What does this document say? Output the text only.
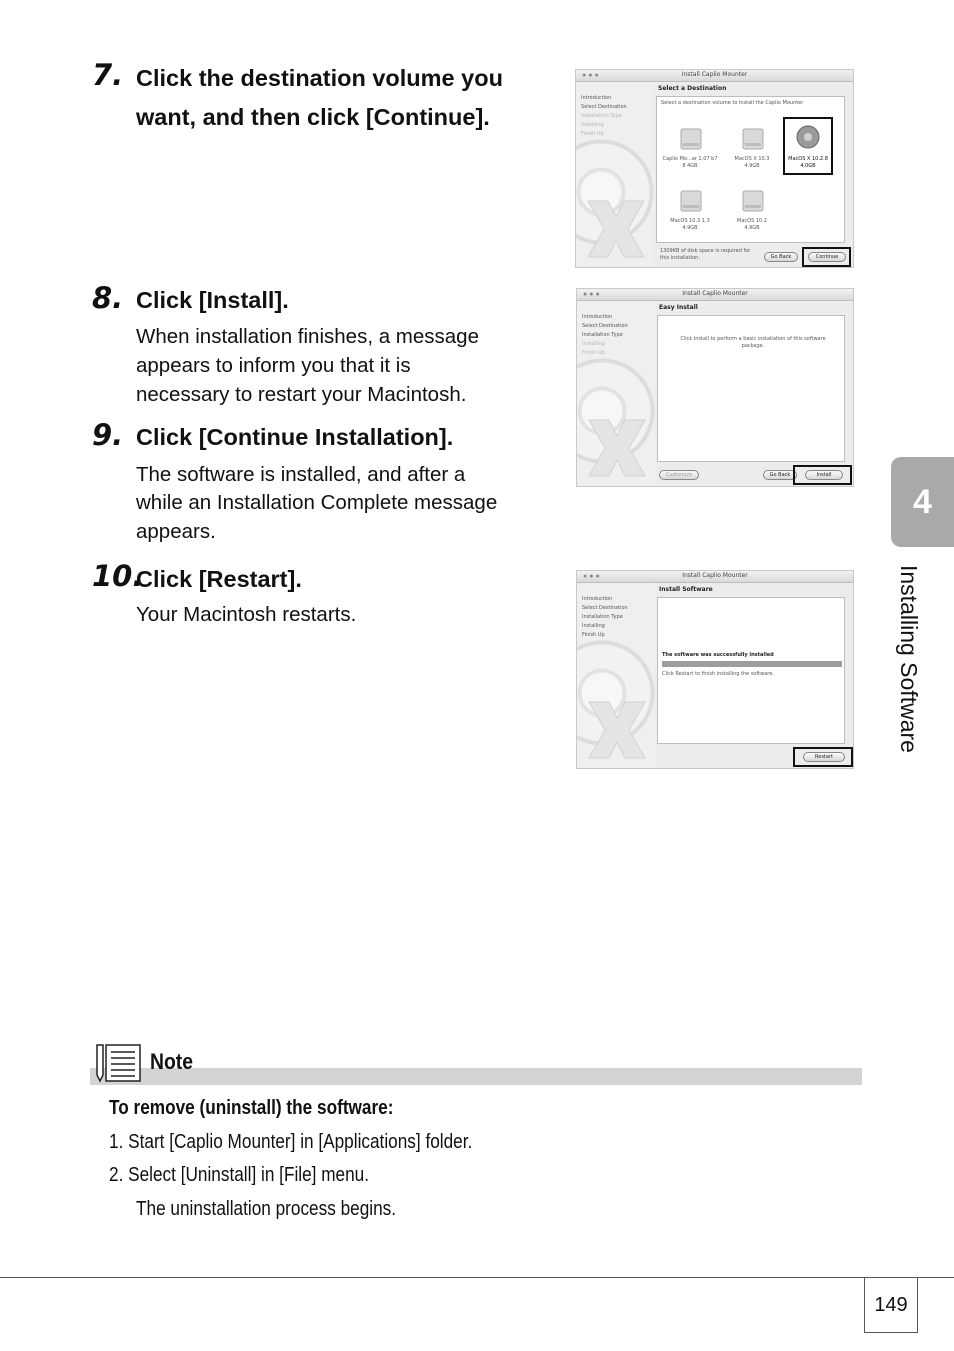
7. Click the destination volume you
want, and then click [Continue].
8. Click [Install].
When installation finishes, a message
appears to inform you that it is
necessary to restart your Macintosh.
9. Click [Continue Installation].
The software is installed, and after a
while an Installation Complete message
appears.
10.
Click [Restart].
Your Macintosh restarts.
●●●	Install Caplio Mounter
Introduction
Select Destination
Installation Type
Installing
Finish Up
Select a Destination
Select a destination volume to install the Caplio Mounter
Caplio Mo...ar 1.07 b7
8 4GB
MacOS X 10.3
4.9GB
MacOS X 10.2.8
4.0GB
MacOS 10.3 1.3
4.9GB
MacOS 10.2
4.9GB
1309KB of disk space is required for this installation.	Go Back	Continue
●●●	Install Caplio Mounter
Introduction
Select Destination
Installation Type
Installing
Finish Up
Easy Install
Click Install to perform a basic installation of this software package.
Customize	Go Back	Install
●●●	Install Caplio Mounter
Introduction
Select Destination
Installation Type
Installing
Finish Up
Install Software
The software was successfully installed
Click Restart to finish installing the software.
Restart
4
Installing Software
Note
To remove (uninstall) the software:
1. Start [Caplio Mounter] in [Applications] folder.
2. Select [Uninstall] in [File] menu.
The uninstallation process begins.
149
